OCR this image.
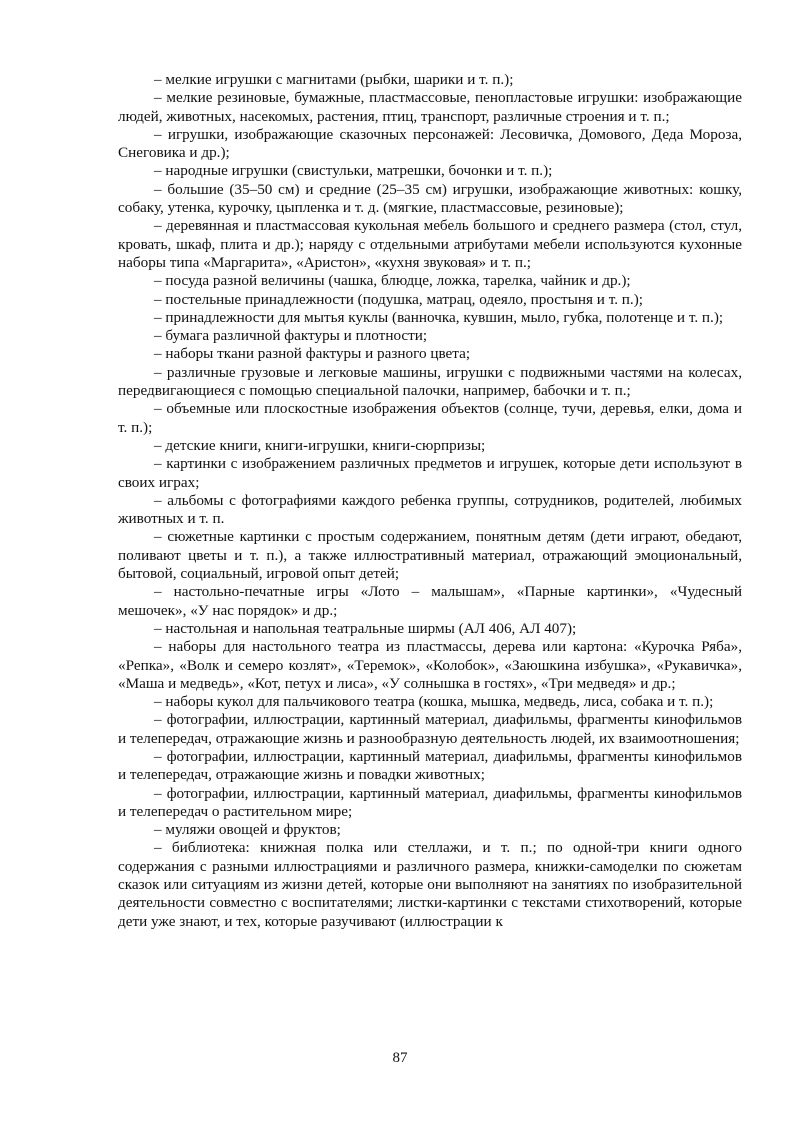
– мелкие игрушки с магнитами (рыбки, шарики и т. п.);

– мелкие резиновые, бумажные, пластмассовые, пенопластовые игрушки: изображающие людей, животных, насекомых, растения, птиц, транспорт, различные строения и т. п.;

– игрушки, изображающие сказочных персонажей: Лесовичка, Домового, Деда Мороза, Снеговика и др.);

– народные игрушки (свистульки, матрешки, бочонки и т. п.);

– большие (35–50 см) и средние (25–35 см) игрушки, изображающие животных: кошку, собаку, утенка, курочку, цыпленка и т. д. (мягкие, пластмассовые, резиновые);

– деревянная и пластмассовая кукольная мебель большого и среднего размера (стол, стул, кровать, шкаф, плита и др.); наряду с отдельными атрибутами мебели используются кухонные наборы типа «Маргарита», «Аристон», «кухня звуковая» и т. п.;

– посуда разной величины (чашка, блюдце, ложка, тарелка, чайник и др.);

– постельные принадлежности (подушка, матрац, одеяло, простыня и т. п.);

– принадлежности для мытья куклы (ванночка, кувшин, мыло, губка, полотенце и т. п.);

– бумага различной фактуры и плотности;

– наборы ткани разной фактуры и разного цвета;

– различные грузовые и легковые машины, игрушки с подвижными частями на колесах, передвигающиеся с помощью специальной палочки, например, бабочки и т. п.;

– объемные или плоскостные изображения объектов (солнце, тучи, деревья, елки, дома и т. п.);

– детские книги, книги-игрушки, книги-сюрпризы;

– картинки с изображением различных предметов и игрушек, которые дети используют в своих играх;

– альбомы с фотографиями каждого ребенка группы, сотрудников, родителей, любимых животных и т. п.

– сюжетные картинки с простым содержанием, понятным детям (дети играют, обедают, поливают цветы и т. п.), а также иллюстративный материал, отражающий эмоциональный, бытовой, социальный, игровой опыт детей;

– настольно-печатные игры «Лото – малышам», «Парные картинки», «Чудесный мешочек», «У нас порядок» и др.;

– настольная и напольная театральные ширмы (АЛ 406, АЛ 407);

– наборы для настольного театра из пластмассы, дерева или картона: «Курочка Ряба», «Репка», «Волк и семеро козлят», «Теремок», «Колобок», «Заюшкина избушка», «Рукавичка», «Маша и медведь», «Кот, петух и лиса», «У солнышка в гостях», «Три медведя» и др.;

– наборы кукол для пальчикового театра (кошка, мышка, медведь, лиса, собака и т. п.);

– фотографии, иллюстрации, картинный материал, диафильмы, фрагменты кинофильмов и телепередач, отражающие жизнь и разнообразную деятельность людей, их взаимоотношения;

– фотографии, иллюстрации, картинный материал, диафильмы, фрагменты кинофильмов и телепередач, отражающие жизнь и повадки животных;

– фотографии, иллюстрации, картинный материал, диафильмы, фрагменты кинофильмов и телепередач о растительном мире;

– муляжи овощей и фруктов;

– библиотека: книжная полка или стеллажи, и т. п.; по одной-три книги одного содержания с разными иллюстрациями и различного размера, книжки-самоделки по сюжетам сказок или ситуациям из жизни детей, которые они выполняют на занятиях по изобразительной деятельности совместно с воспитателями; листки-картинки с текстами стихотворений, которые дети уже знают, и тех, которые разучивают (иллюстрации к

87
